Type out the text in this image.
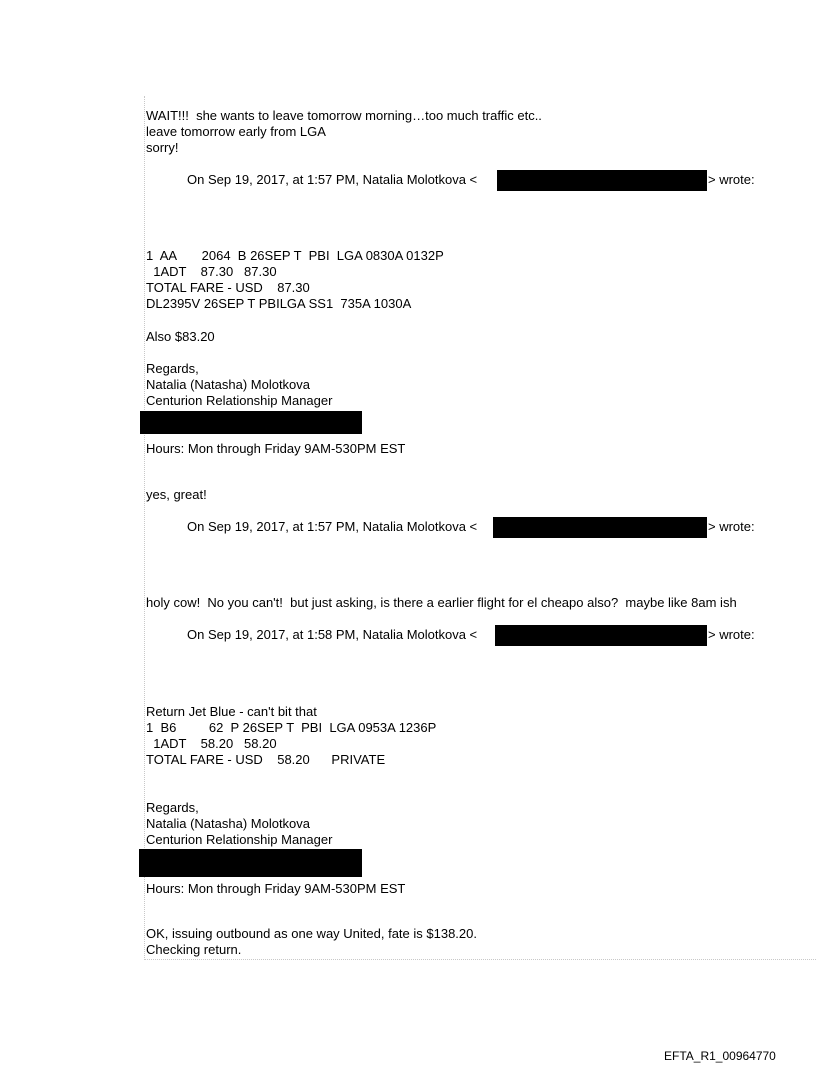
WAIT!!!  she wants to leave tomorrow morning…too much traffic etc..
leave tomorrow early from LGA
sorry!
On Sep 19, 2017, at 1:57 PM, Natalia Molotkova <	> wrote:
1  AA       2064  B 26SEP T  PBI  LGA 0830A 0132P
1ADT    87.30   87.30
TOTAL FARE - USD    87.30
DL2395V 26SEP T PBILGA SS1  735A 1030A
Also $83.20
Regards,
Natalia (Natasha) Molotkova
Centurion Relationship Manager
Hours: Mon through Friday 9AM-530PM EST
yes, great!
On Sep 19, 2017, at 1:57 PM, Natalia Molotkova <	> wrote:
holy cow!  No you can't!  but just asking, is there a earlier flight for el cheapo also?  maybe like 8am ish
On Sep 19, 2017, at 1:58 PM, Natalia Molotkova <	> wrote:
Return Jet Blue - can't bit that
1  B6         62  P 26SEP T  PBI  LGA 0953A 1236P
1ADT    58.20   58.20
TOTAL FARE - USD    58.20      PRIVATE
Regards,
Natalia (Natasha) Molotkova
Centurion Relationship Manager
Hours: Mon through Friday 9AM-530PM EST
OK, issuing outbound as one way United, fate is $138.20.
Checking return.
EFTA_R1_00964770
